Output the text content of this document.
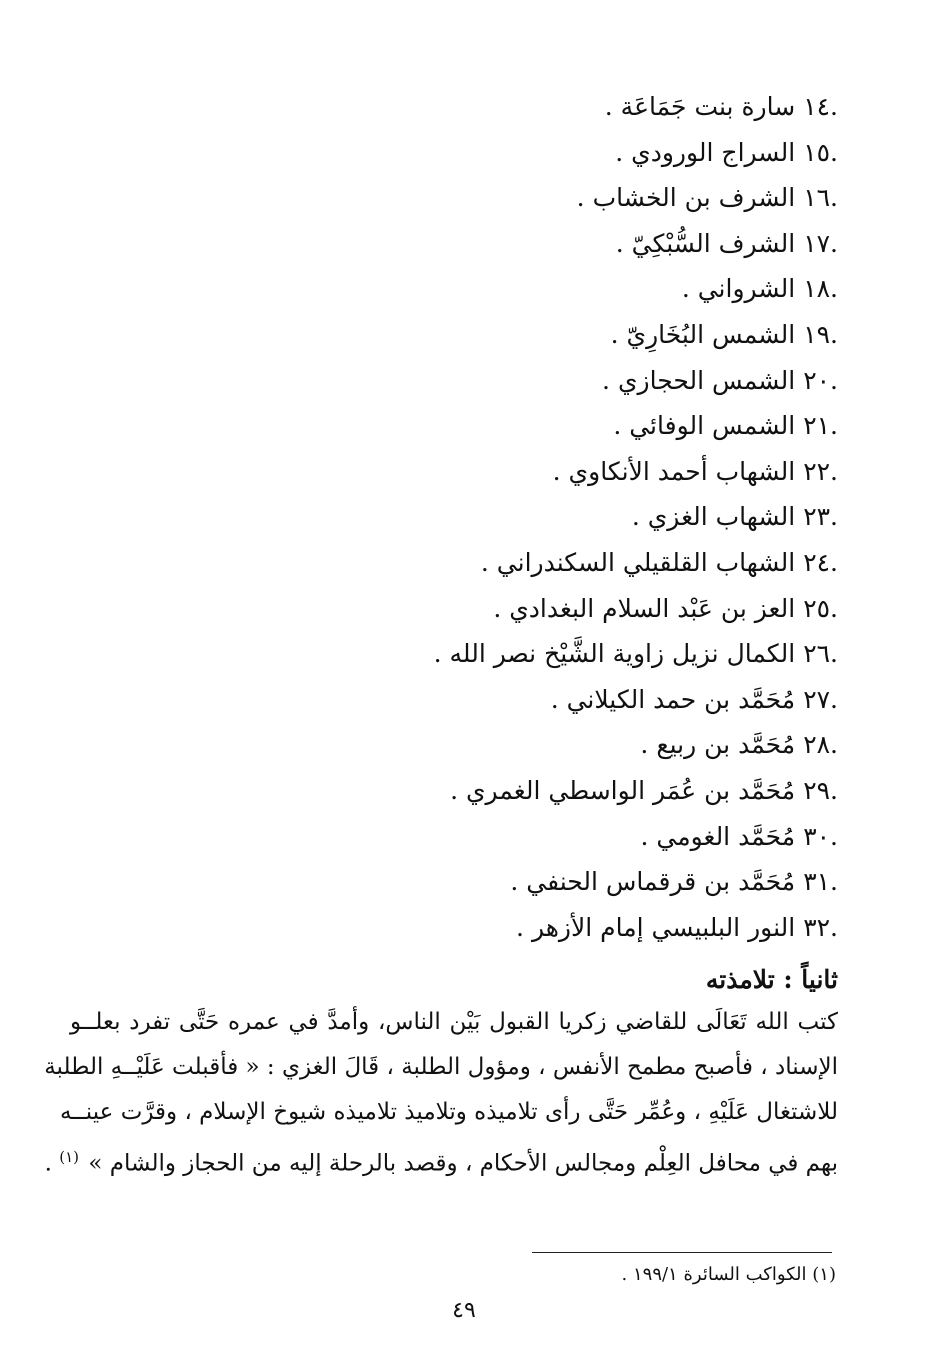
.١٤سارة بنت جَمَاعَة .
.١٥السراج الورودي .
.١٦الشرف بن الخشاب .
.١٧الشرف السُّبْكِيّ .
.١٨الشرواني .
.١٩الشمس البُخَارِيّ .
.٢٠الشمس الحجازي .
.٢١الشمس الوفائي .
.٢٢الشهاب أحمد الأنكاوي .
.٢٣الشهاب الغزي .
.٢٤الشهاب القلقيلي السكندراني .
.٢٥العز بن عَبْد السلام البغدادي .
.٢٦الكمال نزيل زاوية الشَّيْخ نصر الله .
.٢٧مُحَمَّد بن حمد الكيلاني .
.٢٨مُحَمَّد بن ربيع .
.٢٩مُحَمَّد بن عُمَر الواسطي الغمري .
.٣٠مُحَمَّد الغومي .
.٣١مُحَمَّد بن قرقماس الحنفي .
.٣٢النور البلبيسي إمام الأزهر .
ثانياً : تلامذته

كتب الله تَعَالَى للقاضي زكريا القبول بَيْن الناس، وأمدَّ في عمره حَتَّى تفرد بعلــو
الإسناد ، فأصبح مطمح الأنفس ، ومؤول الطلبة ، قَالَ الغزي : « فأقبلت عَلَيْــهِ الطلبة
للاشتغال عَلَيْهِ ، وعُمِّر حَتَّى رأى تلاميذه وتلاميذ تلاميذه شيوخ الإسلام ، وقرَّت عينــه
بهم في محافل العِلْم ومجالس الأحكام ، وقصد بالرحلة إليه من الحجاز والشام » $^{(١)}$ .

(١) الكواكب السائرة ١٩٩/١ .
٤٩
